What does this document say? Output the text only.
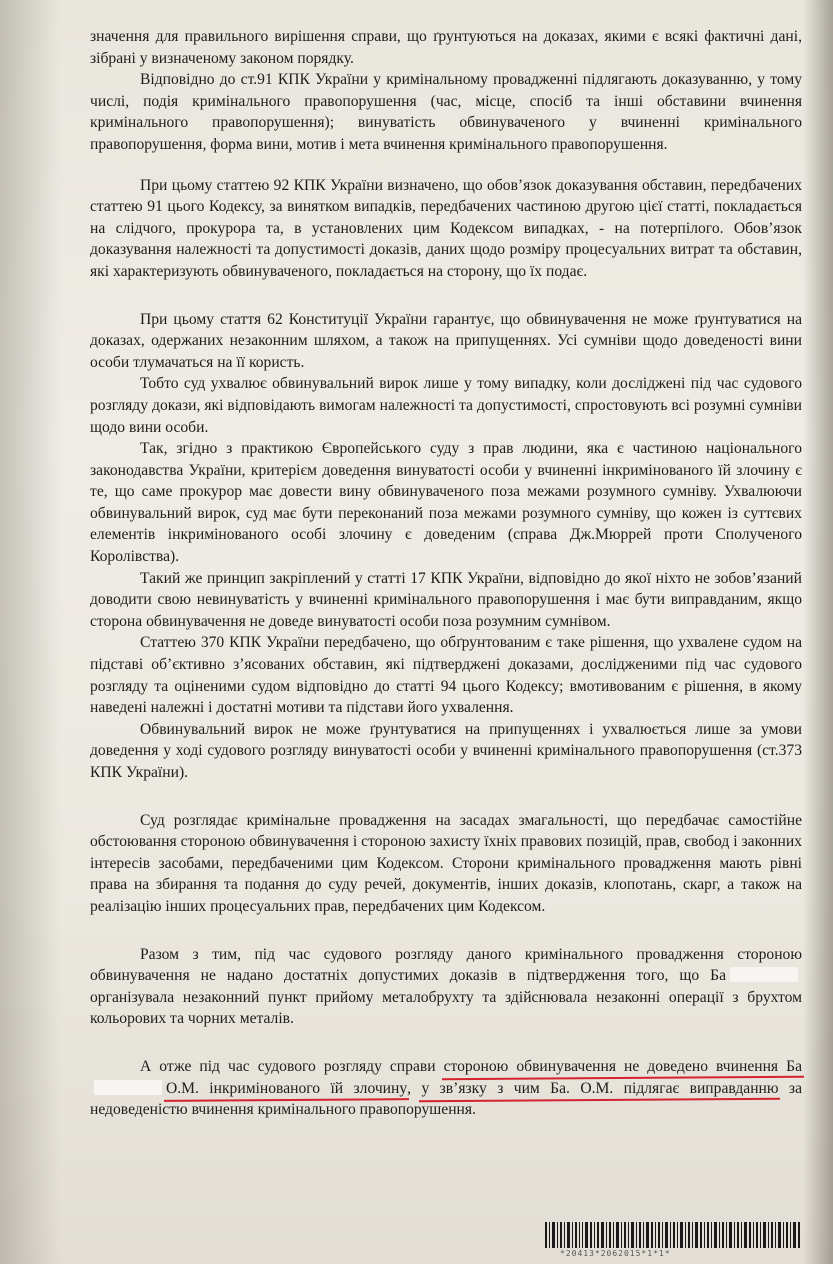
значення для правильного вирішення справи, що ґрунтуються на доказах, якими є всякі фактичні дані, зібрані у визначеному законом порядку.

Відповідно до ст.91 КПК України у кримінальному провадженні підлягають доказуванню, у тому числі, подія кримінального правопорушення (час, місце, спосіб та інші обставини вчинення кримінального правопорушення); винуватість обвинуваченого у вчиненні кримінального правопорушення, форма вини, мотив і мета вчинення кримінального правопорушення.

При цьому статтею 92 КПК України визначено, що обов’язок доказування обставин, передбачених статтею 91 цього Кодексу, за винятком випадків, передбачених частиною другою цієї статті, покладається на слідчого, прокурора та, в установлених цим Кодексом випадках, - на потерпілого. Обов’язок доказування належності та допустимості доказів, даних щодо розміру процесуальних витрат та обставин, які характеризують обвинуваченого, покладається на сторону, що їх подає.

При цьому стаття 62 Конституції України гарантує, що обвинувачення не може ґрунтуватися на доказах, одержаних незаконним шляхом, а також на припущеннях. Усі сумніви щодо доведеності вини особи тлумачаться на її користь.

Тобто суд ухвалює обвинувальний вирок лише у тому випадку, коли досліджені під час судового розгляду докази, які відповідають вимогам належності та допустимості, спростовують всі розумні сумніви щодо вини особи.

Так, згідно з практикою Європейського суду з прав людини, яка є частиною національного законодавства України, критерієм доведення винуватості особи у вчиненні інкримінованого їй злочину є те, що саме прокурор має довести вину обвинуваченого поза межами розумного сумніву. Ухвалюючи обвинувальний вирок, суд має бути переконаний поза межами розумного сумніву, що кожен із суттєвих елементів інкримінованого особі злочину є доведеним (справа Дж.Мюррей проти Сполученого Королівства).

Такий же принцип закріплений у статті 17 КПК України, відповідно до якої ніхто не зобов’язаний доводити свою невинуватість у вчиненні кримінального правопорушення і має бути виправданим, якщо сторона обвинувачення не доведе винуватості особи поза розумним сумнівом.

Статтею 370 КПК України передбачено, що обґрунтованим є таке рішення, що ухвалене судом на підставі об’єктивно з’ясованих обставин, які підтверджені доказами, дослідженими під час судового розгляду та оціненими судом відповідно до статті 94 цього Кодексу; вмотивованим є рішення, в якому наведені належні і достатні мотиви та підстави його ухвалення.

Обвинувальний вирок не може ґрунтуватися на припущеннях і ухвалюється лише за умови доведення у ході судового розгляду винуватості особи у вчиненні кримінального правопорушення (ст.373 КПК України).

Суд розглядає кримінальне провадження на засадах змагальності, що передбачає самостійне обстоювання стороною обвинувачення і стороною захисту їхніх правових позицій, прав, свобод і законних інтересів засобами, передбаченими цим Кодексом. Сторони кримінального провадження мають рівні права на збирання та подання до суду речей, документів, інших доказів, клопотань, скарг, а також на реалізацію інших процесуальних прав, передбачених цим Кодексом.

Разом з тим, під час судового розгляду даного кримінального провадження стороною обвинувачення не надано достатніх допустимих доказів в підтвердження того, що Баорганізувала незаконний пункт прийому металобрухту та здійснювала незаконні операції з брухтом кольорових та чорних металів.

А отже під час судового розгляду справи стороною обвинувачення не доведено вчинення БаО.М. інкримінованого їй злочину, у зв’язку з чим Ба. О.М. підлягає виправданню за недоведеністю вчинення кримінального правопорушення.

*20413*2062015*1*1*
